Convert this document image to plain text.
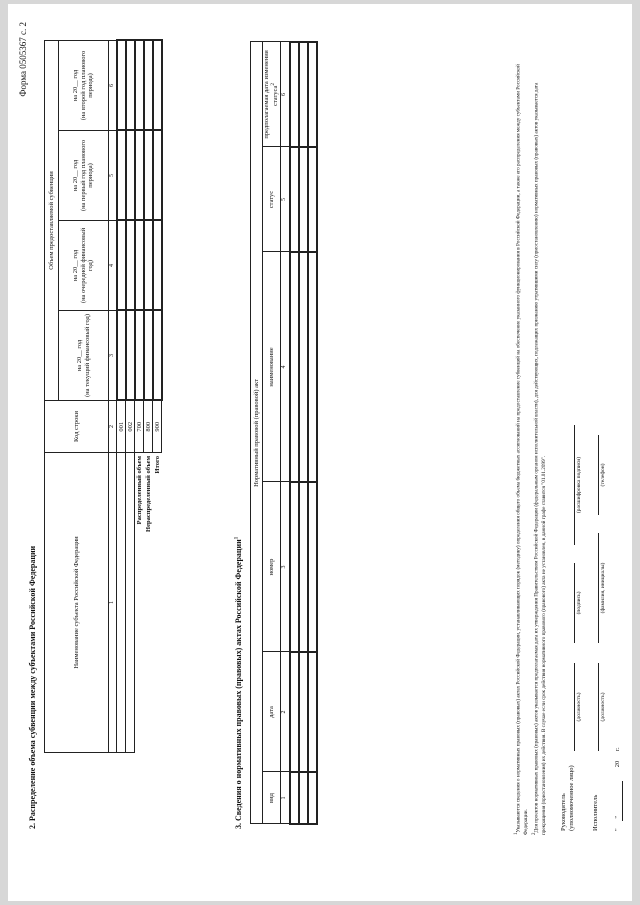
Форма 0505367 с. 2
2. Распределение объема субвенции между субъектами Российской Федерации	Наименование субъекта Российской Федерации	Код строки	Объем предоставляемой субвенции			
		на 20__ год
(на текущий финансовый год)	на 20__ год
(на очередной финансовый год)	на 20__ год
(на первый год планового периода)	на 20__ год
(на второй год планового периода)
1	2	3	4	5	6
	001				
	002				
Распределенный объем	700				
Нераспределенный объем	800				
Итого	900				
3. Сведения о нормативных правовых (правовых) актах Российской Федерации$^1$
Нормативный правовой (правовой) акт					
вид	дата	номер	наименование	статус	предполагаемая дата изменения статуса$^2$
1	2	3	4	5	6

$^1$Указываются сведения о нормативных правовых (правовых) актах Российской Федерации, устанавливающих порядок (методику) определения общего объема бюджетных ассигнований на предоставление субвенций на обеспечение указанного функционирования в Российской Федерации, а также его распределения между субъектами Российской Федерации. $^2$Для проектов нормативных правовых (правовых) актов указывается предполагаемая дата их утверждения Правительством Российской Федерации (федеральным органом исполнительной власти), для действующих, подлежащих признанию утратившими силу (приостановлению) нормативных правовых (правовых) актов указывается дата прекращения (приостановления) их действия. В случае если срок действия нормативного правового (правового) акта не установлен, в данной графе ставится "01.01.2099". Руководитель (уполномоченное лицо)
(должность)
(подпись)
(расшифровка подписи)
Исполнитель
(должность)
(фамилия, инициалы)
(телефон)
"      "                              20      г.
